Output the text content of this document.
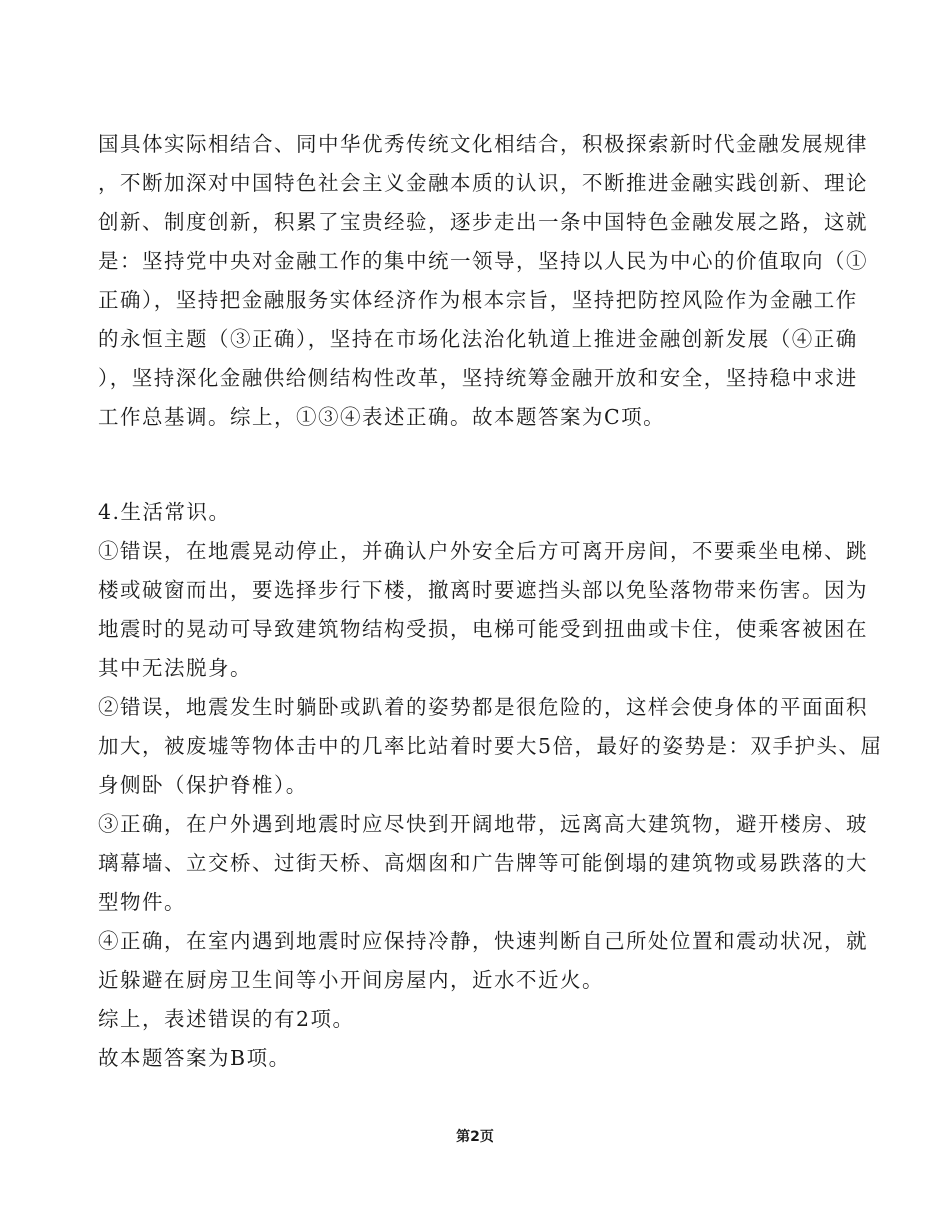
国具体实际相结合、同中华优秀传统文化相结合，积极探索新时代金融发展规律
，不断加深对中国特色社会主义金融本质的认识，不断推进金融实践创新、理论
创新、制度创新，积累了宝贵经验，逐步走出一条中国特色金融发展之路，这就
是：坚持党中央对金融工作的集中统一领导，坚持以人民为中心的价值取向（①
正确），坚持把金融服务实体经济作为根本宗旨，坚持把防控风险作为金融工作
的永恒主题（③正确），坚持在市场化法治化轨道上推进金融创新发展（④正确
），坚持深化金融供给侧结构性改革，坚持统筹金融开放和安全，坚持稳中求进
工作总基调。综上，①③④表述正确。故本题答案为C项。
4.生活常识。
①错误，在地震晃动停止，并确认户外安全后方可离开房间，不要乘坐电梯、跳
楼或破窗而出，要选择步行下楼，撤离时要遮挡头部以免坠落物带来伤害。因为
地震时的晃动可导致建筑物结构受损，电梯可能受到扭曲或卡住，使乘客被困在
其中无法脱身。
②错误，地震发生时躺卧或趴着的姿势都是很危险的，这样会使身体的平面面积
加大，被废墟等物体击中的几率比站着时要大5倍，最好的姿势是：双手护头、屈
身侧卧（保护脊椎）。
③正确，在户外遇到地震时应尽快到开阔地带，远离高大建筑物，避开楼房、玻
璃幕墙、立交桥、过街天桥、高烟囱和广告牌等可能倒塌的建筑物或易跌落的大
型物件。
④正确，在室内遇到地震时应保持冷静，快速判断自己所处位置和震动状况，就
近躲避在厨房卫生间等小开间房屋内，近水不近火。
综上，表述错误的有2项。
故本题答案为B项。
第2页
